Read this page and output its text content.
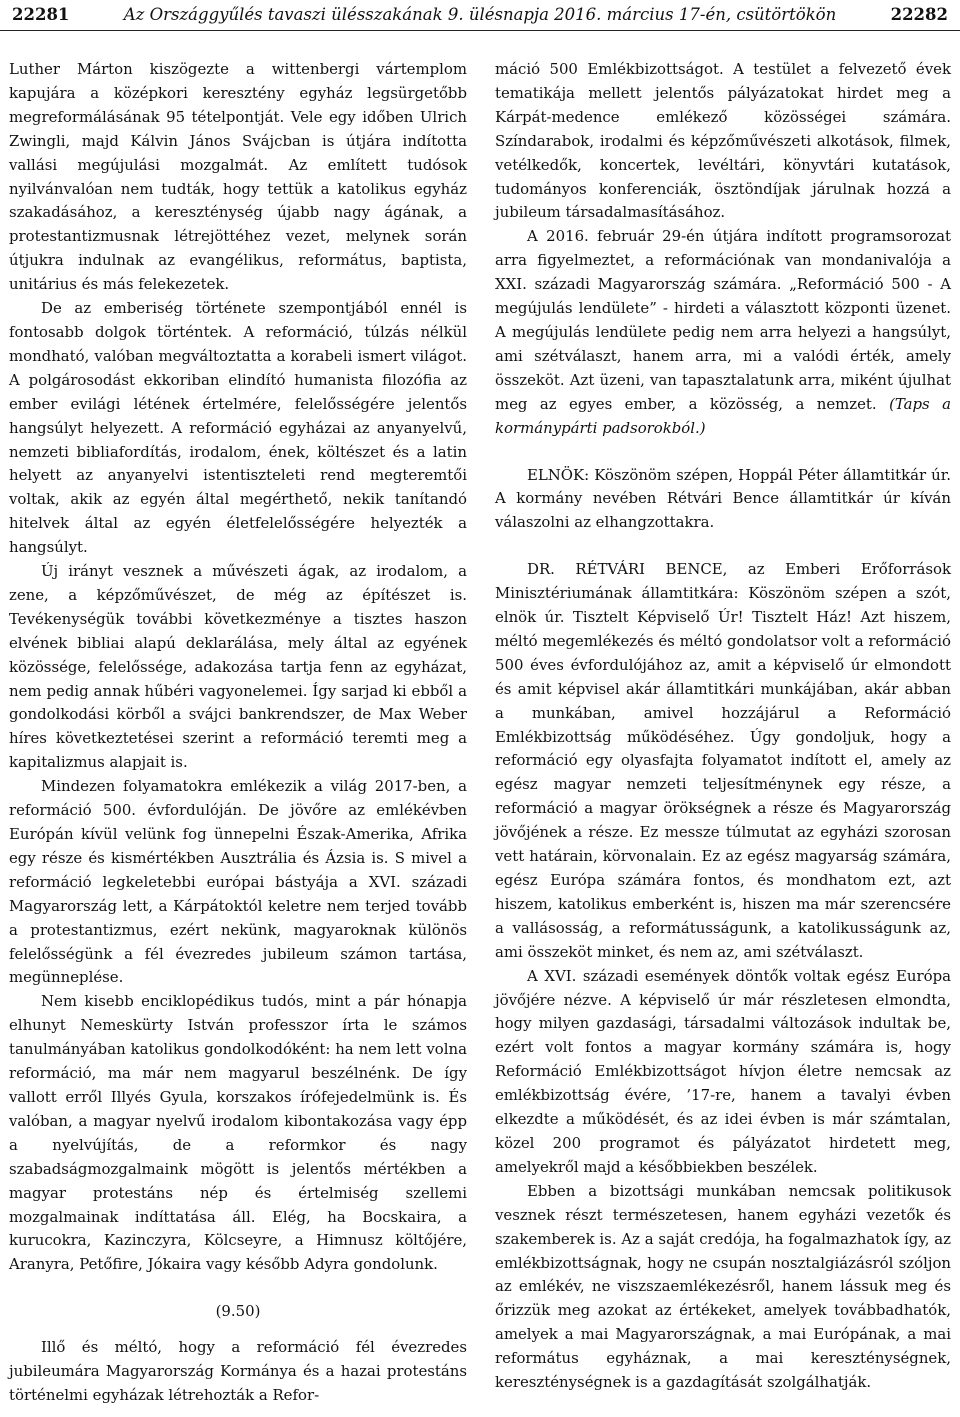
22281	Az Országgyűlés tavaszi ülésszakának 9. ülésnapja 2016. március 17-én, csütörtökön	22282

Luther Márton kiszögezte a wittenbergi vártemplom kapujára a középkori keresztény egyház legsürgetőbb megreformálásának 95 tételpontját. Vele egy időben Ulrich Zwingli, majd Kálvin János Svájcban is útjára indította vallási megújulási mozgalmát. Az említett tudósok nyilvánvalóan nem tudták, hogy tettük a katolikus egyház szakadásához, a kereszténység újabb nagy ágának, a protestantizmusnak létrejöttéhez vezet, melynek során útjukra indulnak az evangélikus, református, baptista, unitárius és más felekezetek.

De az emberiség története szempontjából ennél is fontosabb dolgok történtek. A reformáció, túlzás nélkül mondható, valóban megváltoztatta a korabeli ismert világot. A polgárosodást ekkoriban elindító humanista filozófia az ember evilági létének értelmére, felelősségére jelentős hangsúlyt helyezett. A reformáció egyházai az anyanyelvű, nemzeti bibliafordítás, irodalom, ének, költészet és a latin helyett az anyanyelvi istentiszteleti rend megteremtői voltak, akik az egyén által megérthető, nekik tanítandó hitelvek által az egyén életfelelősségére helyezték a hangsúlyt.

Új irányt vesznek a művészeti ágak, az irodalom, a zene, a képzőművészet, de még az építészet is. Tevékenységük további következménye a tisztes haszon elvének bibliai alapú deklarálása, mely által az egyének közössége, felelőssége, adakozása tartja fenn az egyházat, nem pedig annak hűbéri vagyonelemei. Így sarjad ki ebből a gondolkodási körből a svájci bankrendszer, de Max Weber híres következtetései szerint a reformáció teremti meg a kapitalizmus alapjait is.

Mindezen folyamatokra emlékezik a világ 2017-ben, a reformáció 500. évfordulóján. De jövőre az emlékévben Európán kívül velünk fog ünnepelni Észak-Amerika, Afrika egy része és kismértékben Ausztrália és Ázsia is. S mivel a reformáció legkeletebbi európai bástyája a XVI. századi Magyarország lett, a Kárpátoktól keletre nem terjed tovább a protestantizmus, ezért nekünk, magyaroknak különös felelősségünk a fél évezredes jubileum számon tartása, megünneplése.

Nem kisebb enciklopédikus tudós, mint a pár hónapja elhunyt Nemeskürty István professzor írta le számos tanulmányában katolikus gondolkodóként: ha nem lett volna reformáció, ma már nem magyarul beszélnénk. De így vallott erről Illyés Gyula, korszakos írófejedelmünk is. És valóban, a magyar nyelvű irodalom kibontakozása vagy épp a nyelvújítás, de a reformkor és nagy szabadságmozgalmaink mögött is jelentős mértékben a magyar protestáns nép és értelmiség szellemi mozgalmainak indíttatása áll. Elég, ha Bocskaira, a kurucokra, Kazinczyra, Kölcseyre, a Himnusz költőjére, Aranyra, Petőfire, Jókaira vagy később Adyra gondolunk.

(9.50)

Illő és méltó, hogy a reformáció fél évezredes jubileumára Magyarország Kormánya és a hazai protestáns történelmi egyházak létrehozták a Refor-

máció 500 Emlékbizottságot. A testület a felvezető évek tematikája mellett jelentős pályázatokat hirdet meg a Kárpát-medence emlékező közösségei számára. Színdarabok, irodalmi és képzőművészeti alkotások, filmek, vetélkedők, koncertek, levéltári, könyvtári kutatások, tudományos konferenciák, ösztöndíjak járulnak hozzá a jubileum társadalmasításához.

A 2016. február 29-én útjára indított programsorozat arra figyelmeztet, a reformációnak van mondanivalója a XXI. századi Magyarország számára. „Reformáció 500 - A megújulás lendülete” - hirdeti a választott központi üzenet. A megújulás lendülete pedig nem arra helyezi a hangsúlyt, ami szétválaszt, hanem arra, mi a valódi érték, amely összeköt. Azt üzeni, van tapasztalatunk arra, miként újulhat meg az egyes ember, a közösség, a nemzet. (Taps a kormánypárti padsorokból.)

ELNÖK: Köszönöm szépen, Hoppál Péter államtitkár úr. A kormány nevében Rétvári Bence államtitkár úr kíván válaszolni az elhangzottakra.

DR. RÉTVÁRI BENCE, az Emberi Erőforrások Minisztériumának államtitkára: Köszönöm szépen a szót, elnök úr. Tisztelt Képviselő Úr! Tisztelt Ház! Azt hiszem, méltó megemlékezés és méltó gondolatsor volt a reformáció 500 éves évfordulójához az, amit a képviselő úr elmondott és amit képvisel akár államtitkári munkájában, akár abban a munkában, amivel hozzájárul a Reformáció Emlékbizottság működéséhez. Úgy gondoljuk, hogy a reformáció egy olyasfajta folyamatot indított el, amely az egész magyar nemzeti teljesítménynek egy része, a reformáció a magyar örökségnek a része és Magyarország jövőjének a része. Ez messze túlmutat az egyházi szorosan vett határain, körvonalain. Ez az egész magyarság számára, egész Európa számára fontos, és mondhatom ezt, azt hiszem, katolikus emberként is, hiszen ma már szerencsére a vallásosság, a reformátusságunk, a katolikusságunk az, ami összeköt minket, és nem az, ami szétválaszt.

A XVI. századi események döntők voltak egész Európa jövőjére nézve. A képviselő úr már részletesen elmondta, hogy milyen gazdasági, társadalmi változások indultak be, ezért volt fontos a magyar kormány számára is, hogy Reformáció Emlékbizottságot hívjon életre nemcsak az emlékbizottság évére, ’17-re, hanem a tavalyi évben elkezdte a működését, és az idei évben is már számtalan, közel 200 programot és pályázatot hirdetett meg, amelyekről majd a későbbiekben beszélek.

Ebben a bizottsági munkában nemcsak politikusok vesznek részt természetesen, hanem egyházi vezetők és szakemberek is. Az a saját credója, ha fogalmazhatok így, az emlékbizottságnak, hogy ne csupán nosztalgiázásról szóljon az emlékév, ne viszszaemlékezésről, hanem lássuk meg és őrizzük meg azokat az értékeket, amelyek továbbadhatók, amelyek a mai Magyarországnak, a mai Európának, a mai református egyháznak, a mai kereszténységnek, kereszténységnek is a gazdagítását szolgálhatják.
